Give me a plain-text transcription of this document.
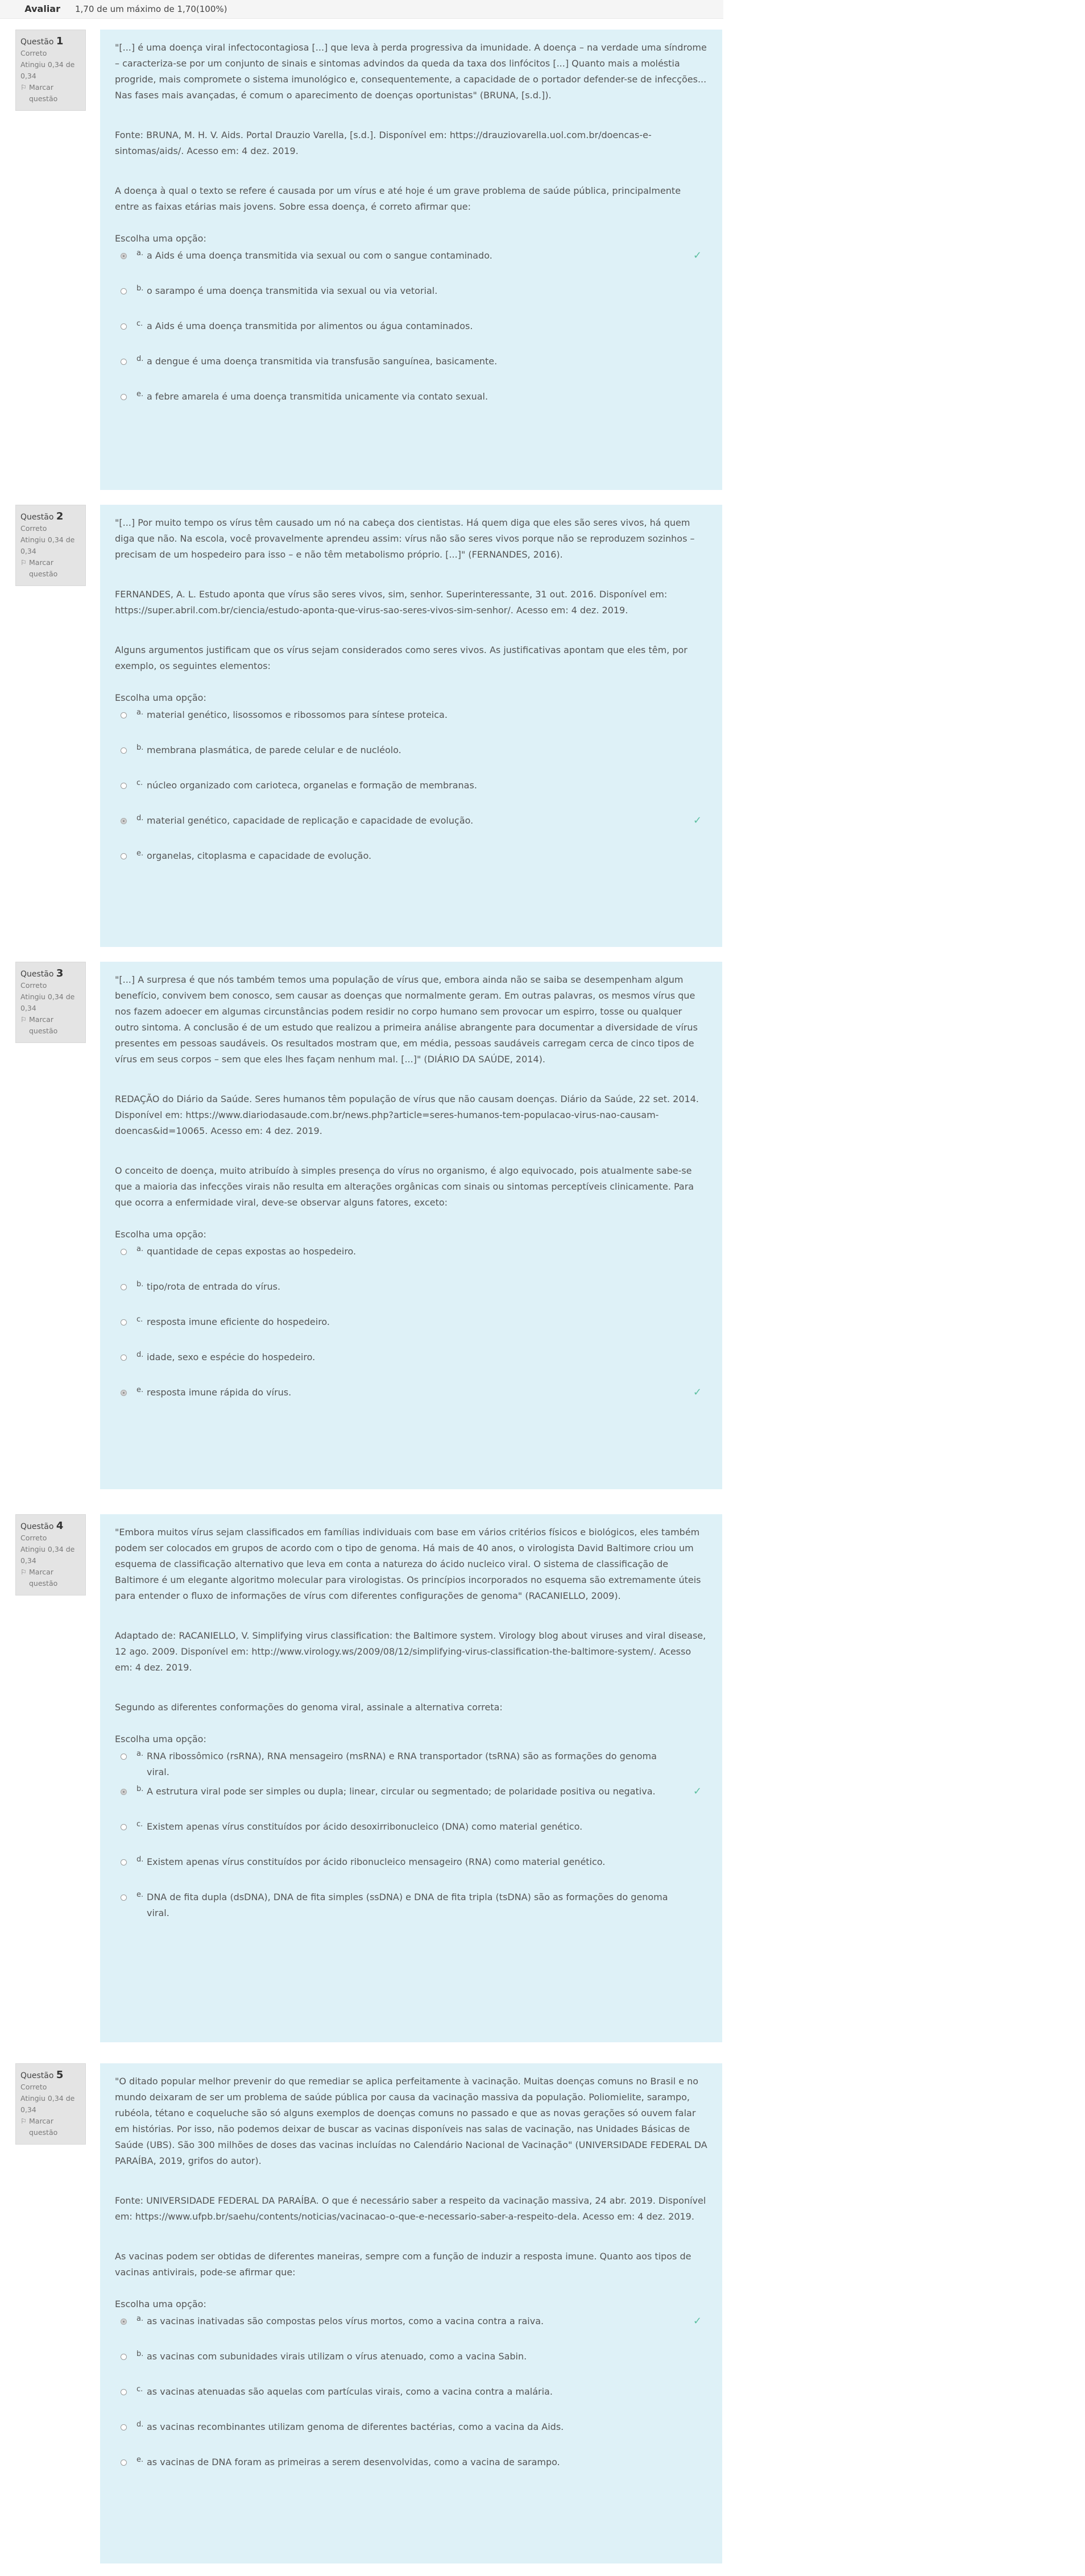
Avaliar	1,70 de um máximo de 1,70(100%)
Questão 1
Correto
Atingiu 0,34 de 0,34
⚐ Marcar questão

"[...] é uma doença viral infectocontagiosa [...] que leva à perda progressiva da imunidade. A doença – na verdade uma síndrome – caracteriza-se por um conjunto de sinais e sintomas advindos da queda da taxa dos linfócitos [...] Quanto mais a moléstia progride, mais compromete o sistema imunológico e, consequentemente, a capacidade de o portador defender-se de infecções... Nas fases mais avançadas, é comum o aparecimento de doenças oportunistas" (BRUNA, [s.d.]).

Fonte: BRUNA, M. H. V. Aids. Portal Drauzio Varella, [s.d.]. Disponível em: https://drauziovarella.uol.com.br/doencas-e-sintomas/aids/. Acesso em: 4 dez. 2019.

A doença à qual o texto se refere é causada por um vírus e até hoje é um grave problema de saúde pública, principalmente entre as faixas etárias mais jovens. Sobre essa doença, é correto afirmar que:

Escolha uma opção:

a. a Aids é uma doença transmitida via sexual ou com o sangue contaminado.	✓
b. o sarampo é uma doença transmitida via sexual ou via vetorial.
c. a Aids é uma doença transmitida por alimentos ou água contaminados.
d. a dengue é uma doença transmitida via transfusão sanguínea, basicamente.
e. a febre amarela é uma doença transmitida unicamente via contato sexual.
Questão 2
Correto
Atingiu 0,34 de 0,34
⚐ Marcar questão

"[...] Por muito tempo os vírus têm causado um nó na cabeça dos cientistas. Há quem diga que eles são seres vivos, há quem diga que não. Na escola, você provavelmente aprendeu assim: vírus não são seres vivos porque não se reproduzem sozinhos – precisam de um hospedeiro para isso – e não têm metabolismo próprio. [...]" (FERNANDES, 2016).

FERNANDES, A. L. Estudo aponta que vírus são seres vivos, sim, senhor. Superinteressante, 31 out. 2016. Disponível em: https://super.abril.com.br/ciencia/estudo-aponta-que-virus-sao-seres-vivos-sim-senhor/. Acesso em: 4 dez. 2019.

Alguns argumentos justificam que os vírus sejam considerados como seres vivos. As justificativas apontam que eles têm, por exemplo, os seguintes elementos:

Escolha uma opção:

a. material genético, lisossomos e ribossomos para síntese proteica.
b. membrana plasmática, de parede celular e de nucléolo.
c. núcleo organizado com carioteca, organelas e formação de membranas.
d. material genético, capacidade de replicação e capacidade de evolução.	✓
e. organelas, citoplasma e capacidade de evolução.
Questão 3
Correto
Atingiu 0,34 de 0,34
⚐ Marcar questão

"[...] A surpresa é que nós também temos uma população de vírus que, embora ainda não se saiba se desempenham algum benefício, convivem bem conosco, sem causar as doenças que normalmente geram. Em outras palavras, os mesmos vírus que nos fazem adoecer em algumas circunstâncias podem residir no corpo humano sem provocar um espirro, tosse ou qualquer outro sintoma. A conclusão é de um estudo que realizou a primeira análise abrangente para documentar a diversidade de vírus presentes em pessoas saudáveis. Os resultados mostram que, em média, pessoas saudáveis carregam cerca de cinco tipos de vírus em seus corpos – sem que eles lhes façam nenhum mal. [...]" (DIÁRIO DA SAÚDE, 2014).

REDAÇÃO do Diário da Saúde. Seres humanos têm população de vírus que não causam doenças. Diário da Saúde, 22 set. 2014. Disponível em: https://www.diariodasaude.com.br/news.php?article=seres-humanos-tem-populacao-virus-nao-causam-doencas&id=10065. Acesso em: 4 dez. 2019.

O conceito de doença, muito atribuído à simples presença do vírus no organismo, é algo equivocado, pois atualmente sabe-se que a maioria das infecções virais não resulta em alterações orgânicas com sinais ou sintomas perceptíveis clinicamente. Para que ocorra a enfermidade viral, deve-se observar alguns fatores, exceto:

Escolha uma opção:

a. quantidade de cepas expostas ao hospedeiro.
b. tipo/rota de entrada do vírus.
c. resposta imune eficiente do hospedeiro.
d. idade, sexo e espécie do hospedeiro.
e. resposta imune rápida do vírus.	✓
Questão 4
Correto
Atingiu 0,34 de 0,34
⚐ Marcar questão

"Embora muitos vírus sejam classificados em famílias individuais com base em vários critérios físicos e biológicos, eles também podem ser colocados em grupos de acordo com o tipo de genoma. Há mais de 40 anos, o virologista David Baltimore criou um esquema de classificação alternativo que leva em conta a natureza do ácido nucleico viral. O sistema de classificação de Baltimore é um elegante algoritmo molecular para virologistas. Os princípios incorporados no esquema são extremamente úteis para entender o fluxo de informações de vírus com diferentes configurações de genoma" (RACANIELLO, 2009).

Adaptado de: RACANIELLO, V. Simplifying virus classification: the Baltimore system. Virology blog about viruses and viral disease, 12 ago. 2009. Disponível em: http://www.virology.ws/2009/08/12/simplifying-virus-classification-the-baltimore-system/. Acesso em: 4 dez. 2019.

Segundo as diferentes conformações do genoma viral, assinale a alternativa correta:

Escolha uma opção:

a. RNA ribossômico (rsRNA), RNA mensageiro (msRNA) e RNA transportador (tsRNA) são as formações do genoma viral.
b. A estrutura viral pode ser simples ou dupla; linear, circular ou segmentado; de polaridade positiva ou negativa.	✓
c. Existem apenas vírus constituídos por ácido desoxirribonucleico (DNA) como material genético.
d. Existem apenas vírus constituídos por ácido ribonucleico mensageiro (RNA) como material genético.
e. DNA de fita dupla (dsDNA), DNA de fita simples (ssDNA) e DNA de fita tripla (tsDNA) são as formações do genoma viral.
Questão 5
Correto
Atingiu 0,34 de 0,34
⚐ Marcar questão

"O ditado popular melhor prevenir do que remediar se aplica perfeitamente à vacinação. Muitas doenças comuns no Brasil e no mundo deixaram de ser um problema de saúde pública por causa da vacinação massiva da população. Poliomielite, sarampo, rubéola, tétano e coqueluche são só alguns exemplos de doenças comuns no passado e que as novas gerações só ouvem falar em histórias. Por isso, não podemos deixar de buscar as vacinas disponíveis nas salas de vacinação, nas Unidades Básicas de Saúde (UBS). São 300 milhões de doses das vacinas incluídas no Calendário Nacional de Vacinação" (UNIVERSIDADE FEDERAL DA PARAÍBA, 2019, grifos do autor).

Fonte: UNIVERSIDADE FEDERAL DA PARAÍBA. O que é necessário saber a respeito da vacinação massiva, 24 abr. 2019. Disponível em: https://www.ufpb.br/saehu/contents/noticias/vacinacao-o-que-e-necessario-saber-a-respeito-dela. Acesso em: 4 dez. 2019.

As vacinas podem ser obtidas de diferentes maneiras, sempre com a função de induzir a resposta imune. Quanto aos tipos de vacinas antivirais, pode-se afirmar que:

Escolha uma opção:

a. as vacinas inativadas são compostas pelos vírus mortos, como a vacina contra a raiva.	✓
b. as vacinas com subunidades virais utilizam o vírus atenuado, como a vacina Sabin.
c. as vacinas atenuadas são aquelas com partículas virais, como a vacina contra a malária.
d. as vacinas recombinantes utilizam genoma de diferentes bactérias, como a vacina da Aids.
e. as vacinas de DNA foram as primeiras a serem desenvolvidas, como a vacina de sarampo.
